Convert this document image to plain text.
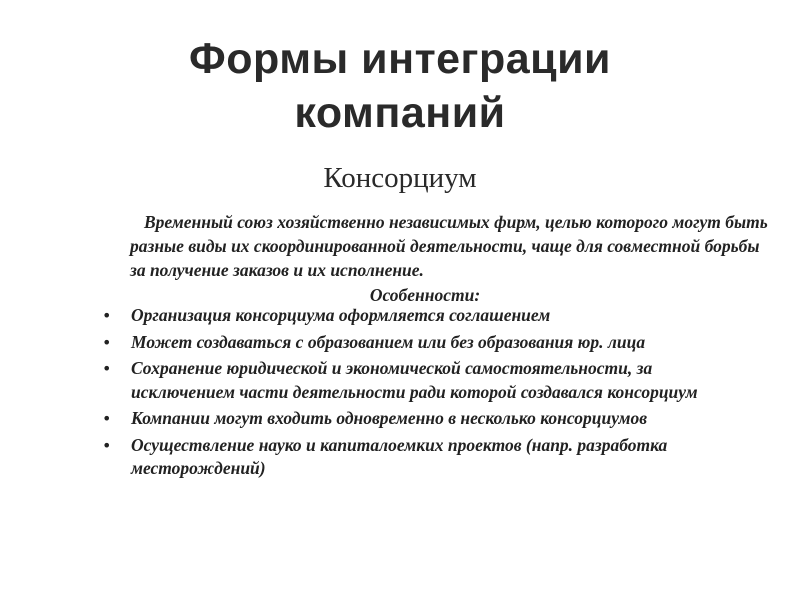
Формы интеграции
компаний
Консорциум
Временный союз хозяйственно независимых фирм, целью которого могут быть разные виды их скоординированной деятельности, чаще для совместной борьбы за получение заказов и их исполнение.
Особенности:
• Организация консорциума оформляется соглашением
• Может создаваться с образованием или без образования юр. лица
• Сохранение юридической и экономической самостоятельности, за исключением части деятельности ради которой создавался консорциум
• Компании могут входить одновременно в несколько консорциумов
• Осуществление науко и капиталоемких проектов (напр. разработка месторождений)
